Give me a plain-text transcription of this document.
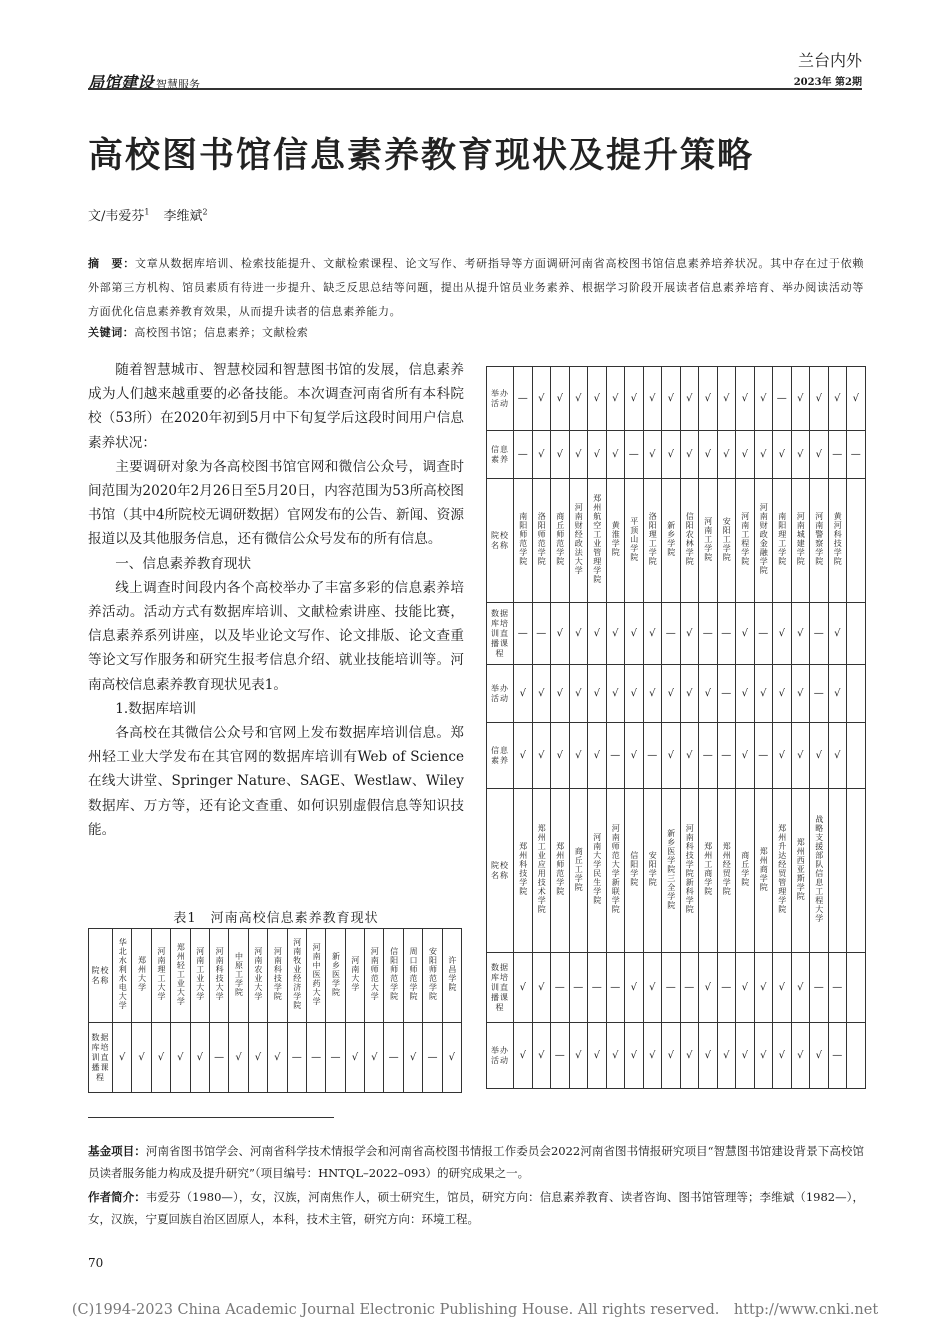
局馆建设 智慧服务
兰台内外
2023年 第2期
高校图书馆信息素养教育现状及提升策略
文/韦爱芬$^1$ 李维斌$^2$
摘　要：文章从数据库培训、检索技能提升、文献检索课程、论文写作、考研指导等方面调研河南省高校图书馆信息素养培养状况。其中存在过于依赖外部第三方机构、馆员素质有待进一步提升、缺乏反思总结等问题，提出从提升馆员业务素养、根据学习阶段开展读者信息素养培育、举办阅读活动等方面优化信息素养教育效果，从而提升读者的信息素养能力。
关键词：高校图书馆；信息素养；文献检索

随着智慧城市、智慧校园和智慧图书馆的发展，信息素养成为人们越来越重要的必备技能。本次调查河南省所有本科院校（53所）在2020年初到5月中下旬复学后这段时间用户信息素养状况：

主要调研对象为各高校图书馆官网和微信公众号，调查时间范围为2020年2月26日至5月20日，内容范围为53所高校图书馆（其中4所院校无调研数据）官网发布的公告、新闻、资源报道以及其他服务信息，还有微信公众号发布的所有信息。

一、信息素养教育现状

线上调查时间段内各个高校举办了丰富多彩的信息素养培养活动。活动方式有数据库培训、文献检索讲座、技能比赛，信息素养系列讲座，以及毕业论文写作、论文排版、论文查重等论文写作服务和研究生报考信息介绍、就业技能培训等。河南高校信息素养教育现状见表1。

1.数据库培训

各高校在其微信公众号和官网上发布数据库培训信息。郑州轻工业大学发布在其官网的数据库培训有Web of Science 在线大讲堂、Springer Nature、SAGE、Westlaw、Wiley数据库、万方等，还有论文查重、如何识别虚假信息等知识技能。

表1　河南高校信息素养教育现状
院校名称	华北水利水电大学	郑州大学	河南理工大学	郑州轻工业大学	河南工业大学	河南科技大学	中原工学院	河南农业大学	河南科技学院	河南牧业经济学院	河南中医药大学	新乡医学院	河南大学	河南师范大学	信阳师范学院	周口师范学院	安阳师范学院	许昌学院
数据库培训直播课程	√	√	√	√	√	—	√	√	√	—	—	—	√	√	—	√	—	√
举办活动	—	√	√	√	√	√	√	√	√	√	√	√	√	√	—	√	√	√	√
信息素养	—	√	√	√	√	√	—	√	√	√	√	√	√	√	√	√	√	—	—
院校名称	南阳师范学院	洛阳师范学院	商丘师范学院	河南财经政法大学	郑州航空工业管理学院	黄淮学院	平顶山学院	洛阳理工学院	新乡学院	信阳农林学院	河南工学院	安阳工学院	河南工程学院	河南财政金融学院	南阳理工学院	河南城建学院	河南警察学院	黄河科技学院	
数据库培训直播课程	—	—	√	√	√	√	√	√	—	√	—	—	√	—	√	√	—	√	
举办活动	√	√	√	√	√	√	√	√	√	√	√	—	√	√	√	√	—	√	
信息素养	√	√	√	√	√	—	√	—	√	√	—	—	√	—	√	√	√	√	
院校名称	郑州科技学院	郑州工业应用技术学院	郑州师范学院	商丘工学院	河南大学民生学院	河南师范大学新联学院	信阳学院	安阳学院	新乡医学院三全学院	河南科技学院新科学院	郑州工商学院	郑州经贸学院	商丘学院	郑州商学院	郑州升达经贸管理学院	郑州西亚斯学院	战略支援部队信息工程大学		
数据库培训直播课程	√	√	—	—	—	—	√	√	—	—	√	—	√	√	√	√	—	—	
举办活动	√	√	—	√	√	√	√	√	√	√	√	√	√	√	√	√	√	—	
基金项目：河南省图书馆学会、河南省科学技术情报学会和河南省高校图书情报工作委员会2022河南省图书情报研究项目“智慧图书馆建设背景下高校馆员读者服务能力构成及提升研究”（项目编号：HNTQL–2022–093）的研究成果之一。
作者简介：韦爱芬（1980—），女，汉族，河南焦作人，硕士研究生，馆员，研究方向：信息素养教育、读者咨询、图书馆管理等；李维斌（1982—），女，汉族，宁夏回族自治区固原人，本科，技术主管，研究方向：环境工程。
70
(C)1994-2023 China Academic Journal Electronic Publishing House. All rights reserved.　http://www.cnki.net
